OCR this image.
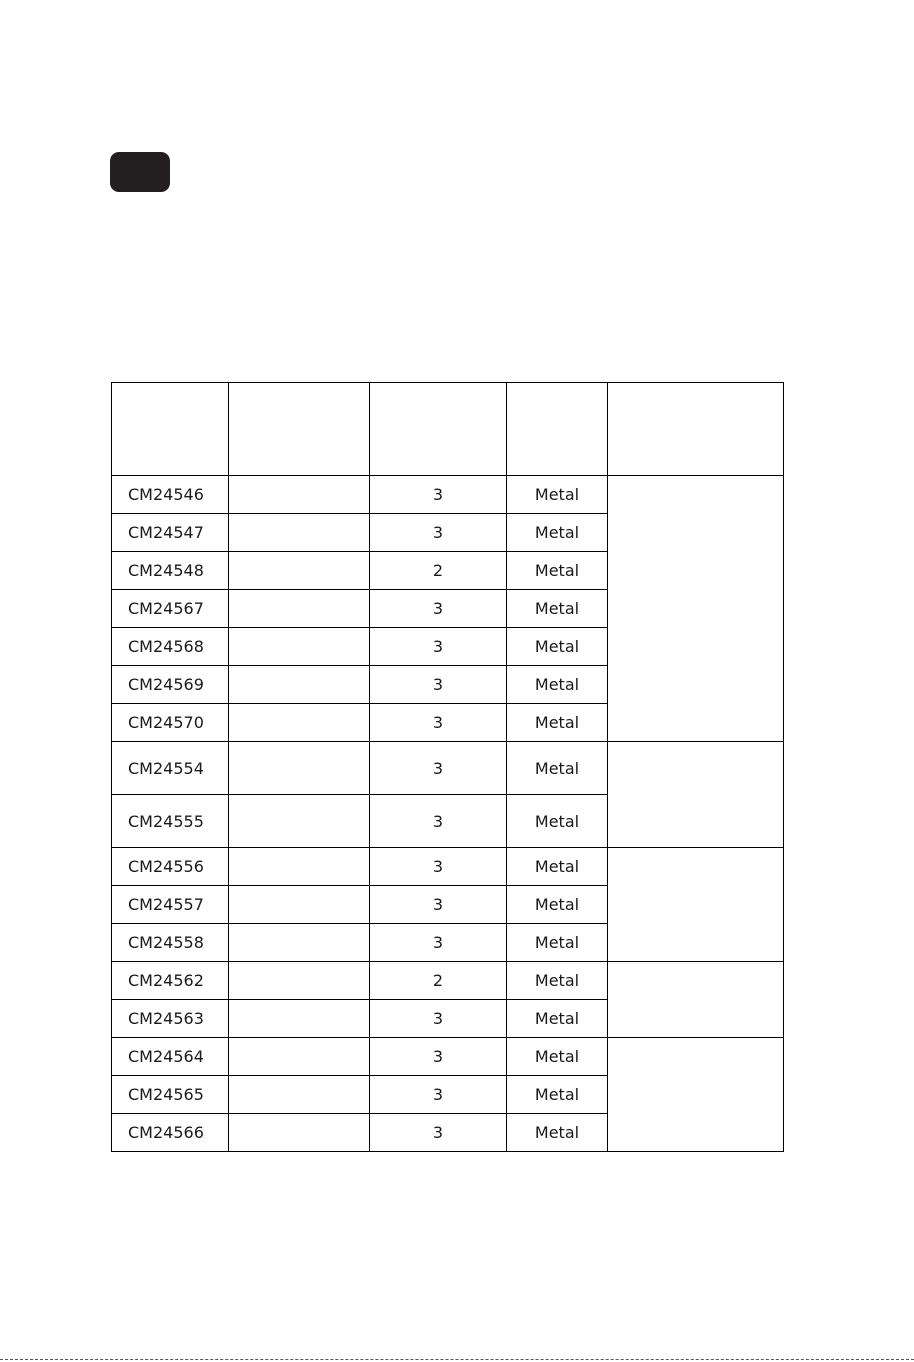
CM24546		3	Metal	
CM24547		3	Metal	
CM24548		2	Metal	
CM24567		3	Metal	
CM24568		3	Metal	
CM24569		3	Metal	
CM24570		3	Metal	
CM24554		3	Metal	
CM24555		3	Metal	
CM24556		3	Metal	
CM24557		3	Metal	
CM24558		3	Metal	
CM24562		2	Metal	
CM24563		3	Metal	
CM24564		3	Metal	
CM24565		3	Metal	
CM24566		3	Metal	
